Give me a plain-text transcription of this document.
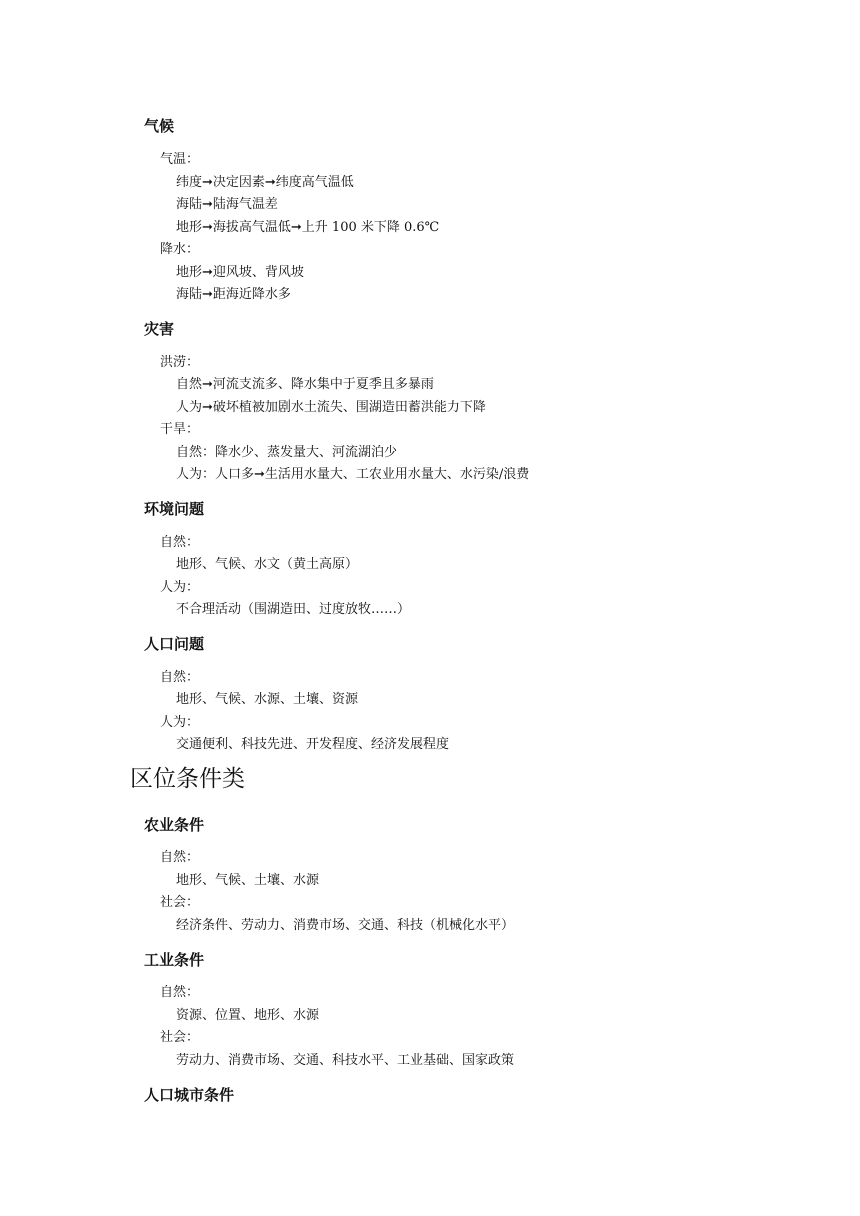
气候
气温：
纬度➞决定因素➞纬度高气温低
海陆➞陆海气温差
地形➞海拔高气温低➞上升 100 米下降 0.6℃
降水：
地形➞迎风坡、背风坡
海陆➞距海近降水多
灾害
洪涝：
自然➞河流支流多、降水集中于夏季且多暴雨
人为➞破坏植被加剧水土流失、围湖造田蓄洪能力下降
干旱：
自然：降水少、蒸发量大、河流湖泊少
人为：人口多➞生活用水量大、工农业用水量大、水污染/浪费
环境问题
自然：
地形、气候、水文（黄土高原）
人为：
不合理活动（围湖造田、过度放牧……）
人口问题
自然：
地形、气候、水源、土壤、资源
人为：
交通便利、科技先进、开发程度、经济发展程度
区位条件类
农业条件
自然：
地形、气候、土壤、水源
社会：
经济条件、劳动力、消费市场、交通、科技（机械化水平）
工业条件
自然：
资源、位置、地形、水源
社会：
劳动力、消费市场、交通、科技水平、工业基础、国家政策
人口城市条件
